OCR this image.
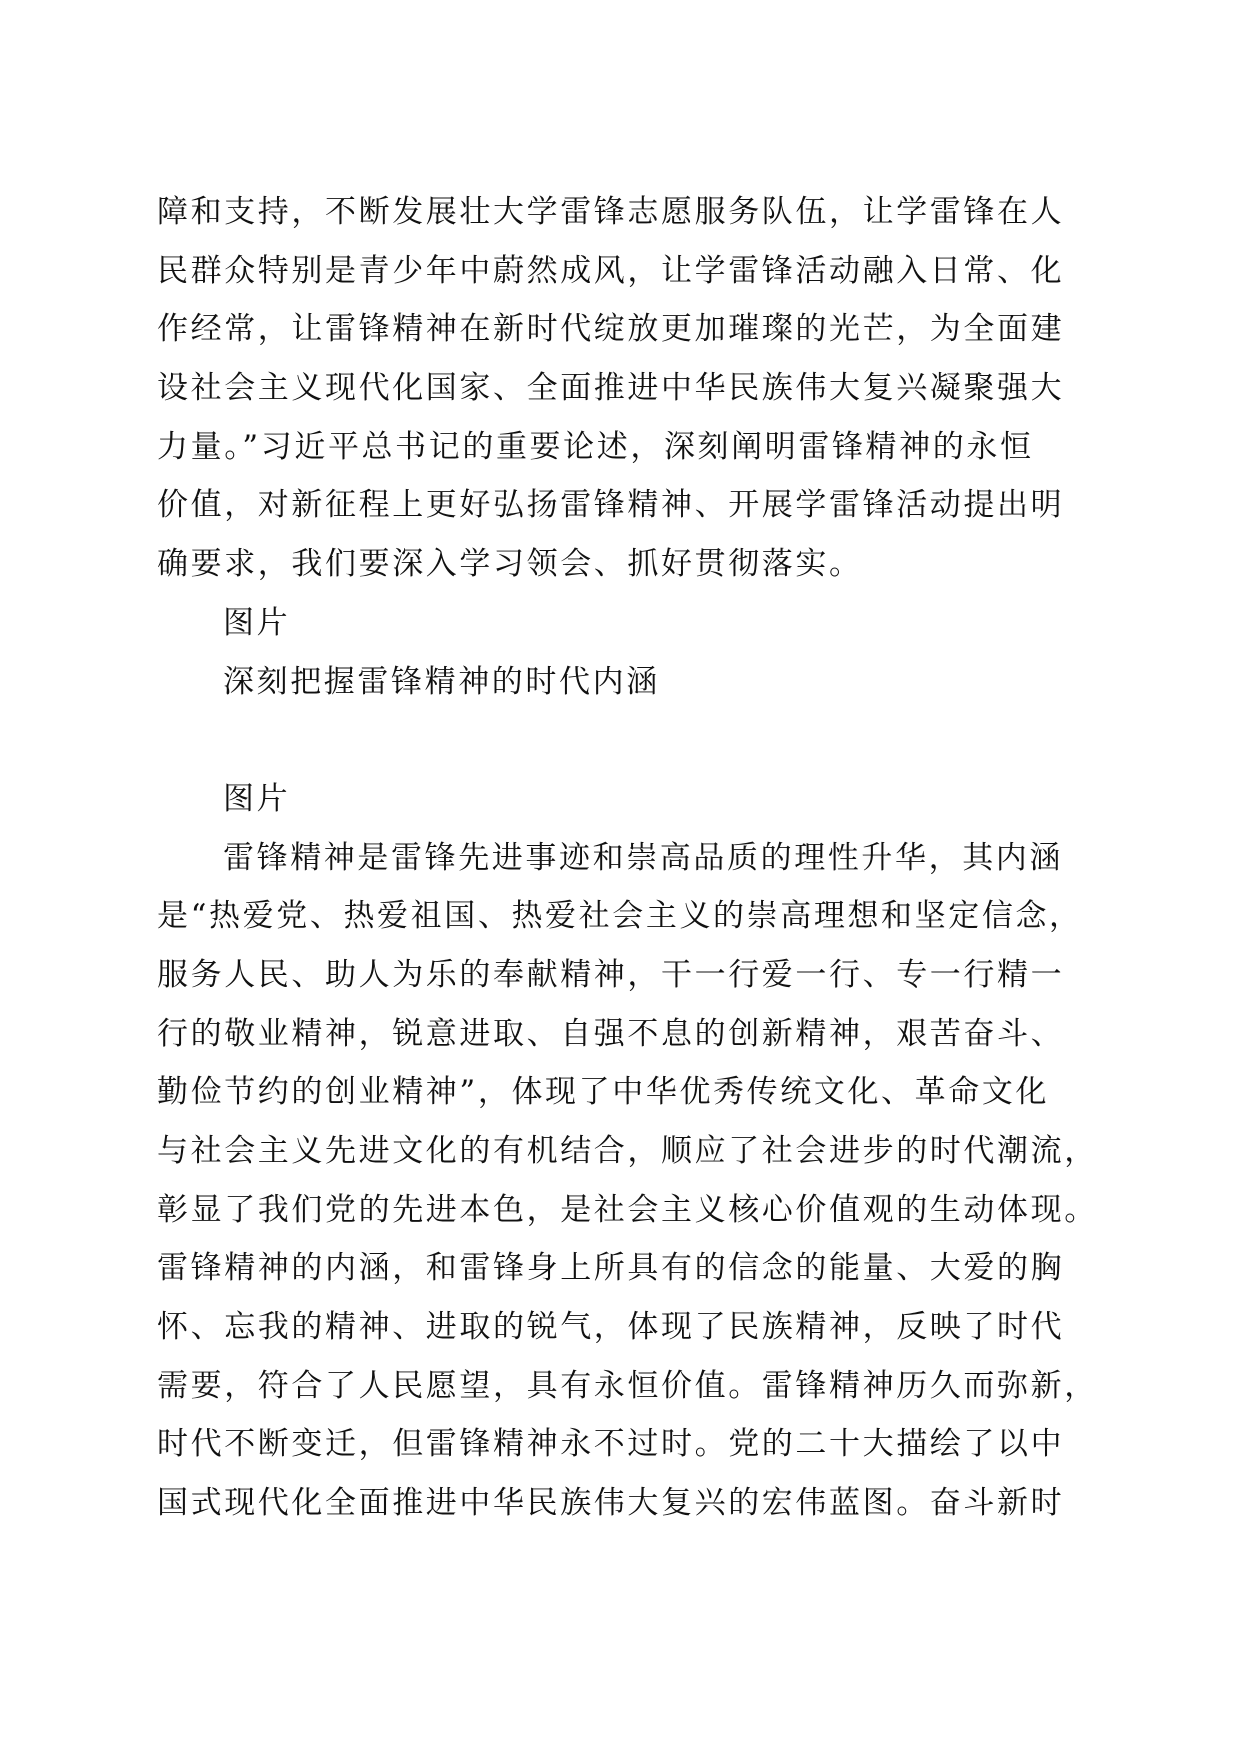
障和支持，不断发展壮大学雷锋志愿服务队伍，让学雷锋在人
民群众特别是青少年中蔚然成风，让学雷锋活动融入日常、化
作经常，让雷锋精神在新时代绽放更加璀璨的光芒，为全面建
设社会主义现代化国家、全面推进中华民族伟大复兴凝聚强大
力量。”习近平总书记的重要论述，深刻阐明雷锋精神的永恒
价值，对新征程上更好弘扬雷锋精神、开展学雷锋活动提出明
确要求，我们要深入学习领会、抓好贯彻落实。
图片
深刻把握雷锋精神的时代内涵
图片
雷锋精神是雷锋先进事迹和崇高品质的理性升华，其内涵
是“热爱党、热爱祖国、热爱社会主义的崇高理想和坚定信念，
服务人民、助人为乐的奉献精神，干一行爱一行、专一行精一
行的敬业精神，锐意进取、自强不息的创新精神，艰苦奋斗、
勤俭节约的创业精神”，体现了中华优秀传统文化、革命文化
与社会主义先进文化的有机结合，顺应了社会进步的时代潮流，
彰显了我们党的先进本色，是社会主义核心价值观的生动体现。
雷锋精神的内涵，和雷锋身上所具有的信念的能量、大爱的胸
怀、忘我的精神、进取的锐气，体现了民族精神，反映了时代
需要，符合了人民愿望，具有永恒价值。雷锋精神历久而弥新，
时代不断变迁，但雷锋精神永不过时。党的二十大描绘了以中
国式现代化全面推进中华民族伟大复兴的宏伟蓝图。奋斗新时
